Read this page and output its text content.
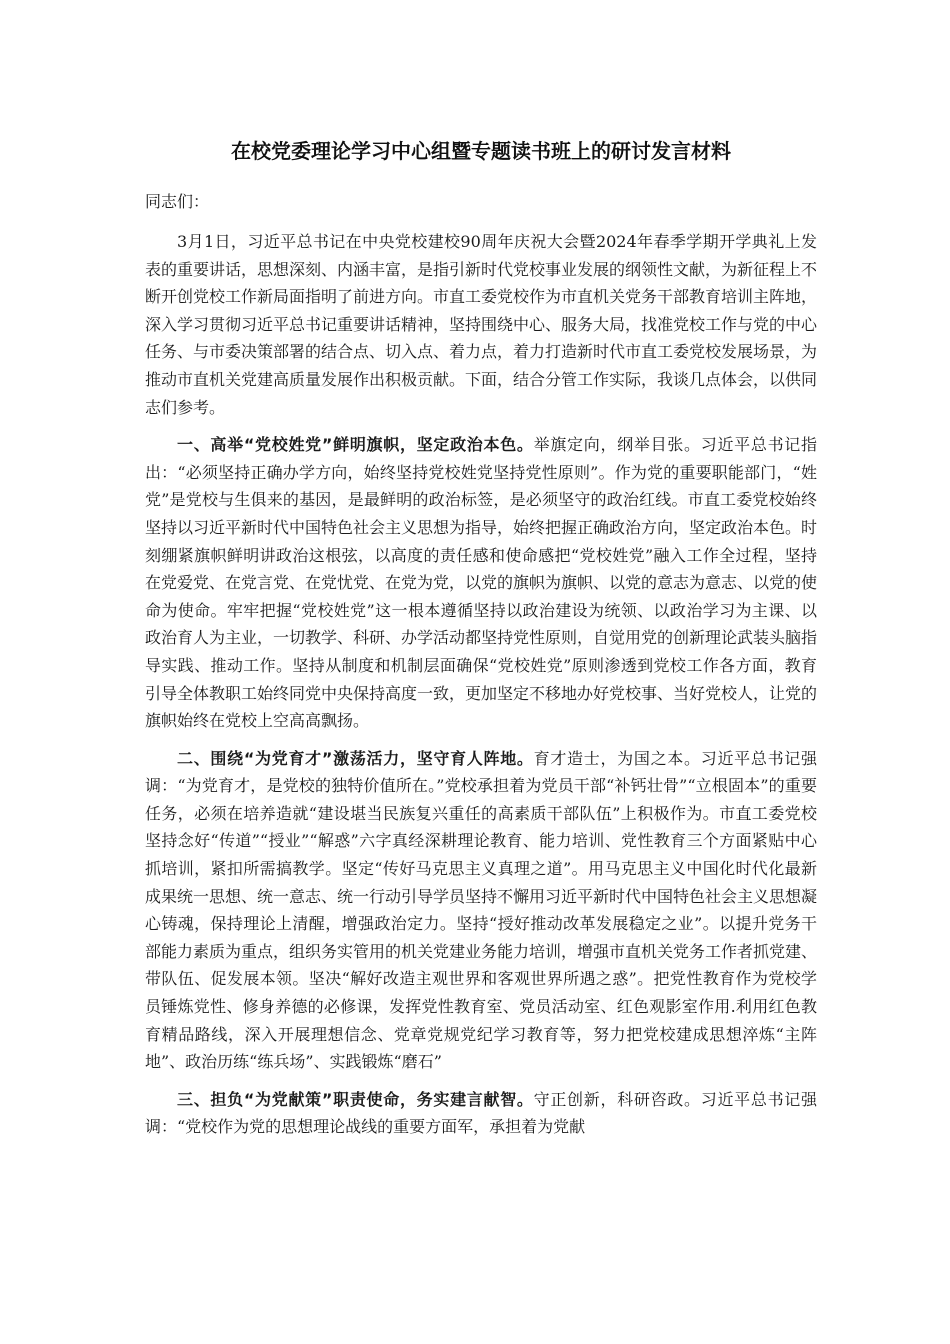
在校党委理论学习中心组暨专题读书班上的研讨发言材料

同志们：

3月1日，习近平总书记在中央党校建校90周年庆祝大会暨2024年春季学期开学典礼上发表的重要讲话，思想深刻、内涵丰富，是指引新时代党校事业发展的纲领性文献，为新征程上不断开创党校工作新局面指明了前进方向。市直工委党校作为市直机关党务干部教育培训主阵地，深入学习贯彻习近平总书记重要讲话精神，坚持围绕中心、服务大局，找准党校工作与党的中心任务、与市委决策部署的结合点、切入点、着力点，着力打造新时代市直工委党校发展场景，为推动市直机关党建高质量发展作出积极贡献。下面，结合分管工作实际，我谈几点体会，以供同志们参考。

一、高举“党校姓党”鲜明旗帜，坚定政治本色。举旗定向，纲举目张。习近平总书记指出：“必须坚持正确办学方向，始终坚持党校姓党坚持党性原则”。作为党的重要职能部门，“姓党”是党校与生俱来的基因，是最鲜明的政治标签，是必须坚守的政治红线。市直工委党校始终坚持以习近平新时代中国特色社会主义思想为指导，始终把握正确政治方向，坚定政治本色。时刻绷紧旗帜鲜明讲政治这根弦，以高度的责任感和使命感把“党校姓党”融入工作全过程，坚持在党爱党、在党言党、在党忧党、在党为党，以党的旗帜为旗帜、以党的意志为意志、以党的使命为使命。牢牢把握“党校姓党”这一根本遵循坚持以政治建设为统领、以政治学习为主课、以政治育人为主业，一切教学、科研、办学活动都坚持党性原则，自觉用党的创新理论武装头脑指导实践、推动工作。坚持从制度和机制层面确保“党校姓党”原则渗透到党校工作各方面，教育引导全体教职工始终同党中央保持高度一致，更加坚定不移地办好党校事、当好党校人，让党的旗帜始终在党校上空高高飘扬。

二、围绕“为党育才”激荡活力，坚守育人阵地。育才造士，为国之本。习近平总书记强调：“为党育才，是党校的独特价值所在。”党校承担着为党员干部“补钙壮骨”“立根固本”的重要任务，必须在培养造就“建设堪当民族复兴重任的高素质干部队伍”上积极作为。市直工委党校坚持念好“传道”“授业”“解惑”六字真经深耕理论教育、能力培训、党性教育三个方面紧贴中心抓培训，紧扣所需搞教学。坚定“传好马克思主义真理之道”。用马克思主义中国化时代化最新成果统一思想、统一意志、统一行动引导学员坚持不懈用习近平新时代中国特色社会主义思想凝心铸魂，保持理论上清醒，增强政治定力。坚持“授好推动改革发展稳定之业”。以提升党务干部能力素质为重点，组织务实管用的机关党建业务能力培训，增强市直机关党务工作者抓党建、带队伍、促发展本领。坚决“解好改造主观世界和客观世界所遇之惑”。把党性教育作为党校学员锤炼党性、修身养德的必修课，发挥党性教育室、党员活动室、红色观影室作用.利用红色教育精品路线，深入开展理想信念、党章党规党纪学习教育等，努力把党校建成思想淬炼“主阵地”、政治历练“练兵场”、实践锻炼“磨石”

三、担负“为党献策”职责使命，务实建言献智。守正创新，科研咨政。习近平总书记强调：“党校作为党的思想理论战线的重要方面军，承担着为党献
